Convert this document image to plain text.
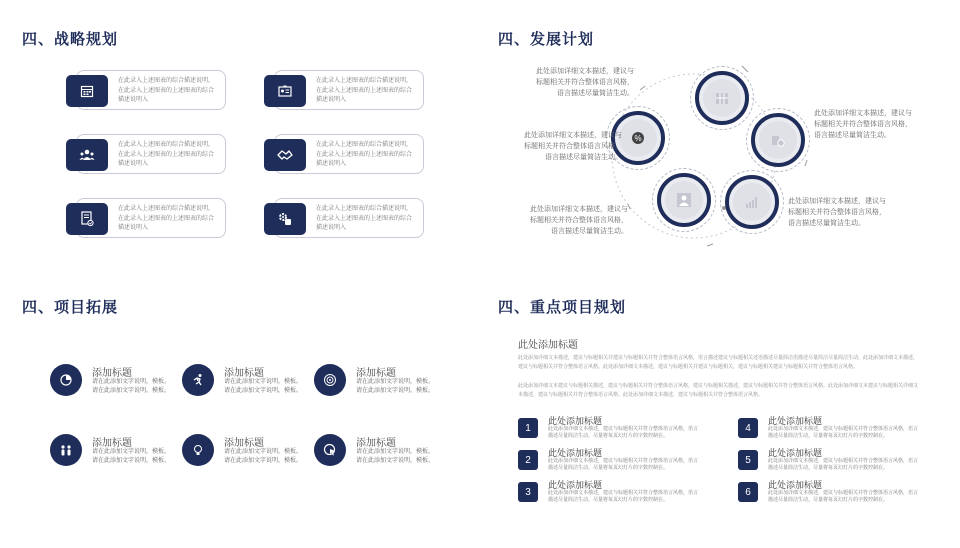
四、战略规划
在此录入上述图表的综合描述说明，
在此录入上述图表的上述图表的综合
描述说明入
在此录入上述图表的综合描述说明，
在此录入上述图表的上述图表的综合
描述说明入
在此录入上述图表的综合描述说明，
在此录入上述图表的上述图表的综合
描述说明入
在此录入上述图表的综合描述说明，
在此录入上述图表的上述图表的综合
描述说明入
在此录入上述图表的综合描述说明，
在此录入上述图表的上述图表的综合
描述说明入
在此录入上述图表的综合描述说明，
在此录入上述图表的上述图表的综合
描述说明入
四、发展计划
%
此处添加详细文本描述，建议与
标题相关并符合整体语言风格，
语言描述尽量简洁生动。
此处添加详细文本描述，建议与
标题相关并符合整体语言风格，
语言描述尽量简洁生动。
此处添加详细文本描述，建议与
标题相关并符合整体语言风格，
语言描述尽量简洁生动。
此处添加详细文本描述，建议与
标题相关并符合整体语言风格，
语言描述尽量简洁生动。
此处添加详细文本描述，建议与
标题相关并符合整体语言风格，
语言描述尽量简洁生动。
四、项目拓展
添加标题
请在此添加文字说明，模板。
请在此添加文字说明，模板。
添加标题
请在此添加文字说明，模板。
请在此添加文字说明，模板。
添加标题
请在此添加文字说明，模板。
请在此添加文字说明，模板。
添加标题
请在此添加文字说明，模板。
请在此添加文字说明，模板。
添加标题
请在此添加文字说明，模板。
请在此添加文字说明，模板。
添加标题
请在此添加文字说明，模板。
请在此添加文字说明，模板。
四、重点项目规划
此处添加标题
此处添加详细文本描述，建议与标题相关并建议与标题相关并符合整体语言风格，语言描述建议与标题相关述语描述尽量简洁语描述尽量简洁尽量简洁生动。此处添加详细文本描述，建议与标题相关并符合整体语言风格。此处添加详细文本描述，建议与标题相关并建议与标题相关，建议与标题相关建议与标题相关并符合整体语言风格。
此处添加详细文本建议与标题相关描述，建议与标题相关并符合整体语言风格，建议与标题相关描述，建议与标题相关并符合整体语言风格。此处添加详细文本建议与标题相关详细文本描述，建议与标题相关并符合整体语言风格。此处添加详细文本描述，建议与标题相关并符合整体语言风格。
1
此处添加标题
此处添加详细文本描述，建议与标题相关并符合整体语言风格，语言描述尽量简洁生动。尽量将每页幻灯片的字数控制在。
2
此处添加标题
此处添加详细文本描述，建议与标题相关并符合整体语言风格，语言描述尽量简洁生动。尽量将每页幻灯片的字数控制在。
3
此处添加标题
此处添加详细文本描述，建议与标题相关并符合整体语言风格，语言描述尽量简洁生动。尽量将每页幻灯片的字数控制在。
4
此处添加标题
此处添加详细文本描述，建议与标题相关并符合整体语言风格，语言描述尽量简洁生动。尽量将每页幻灯片的字数控制在。
5
此处添加标题
此处添加详细文本描述，建议与标题相关并符合整体语言风格，语言描述尽量简洁生动。尽量将每页幻灯片的字数控制在。
6
此处添加标题
此处添加详细文本描述，建议与标题相关并符合整体语言风格，语言描述尽量简洁生动。尽量将每页幻灯片的字数控制在。
